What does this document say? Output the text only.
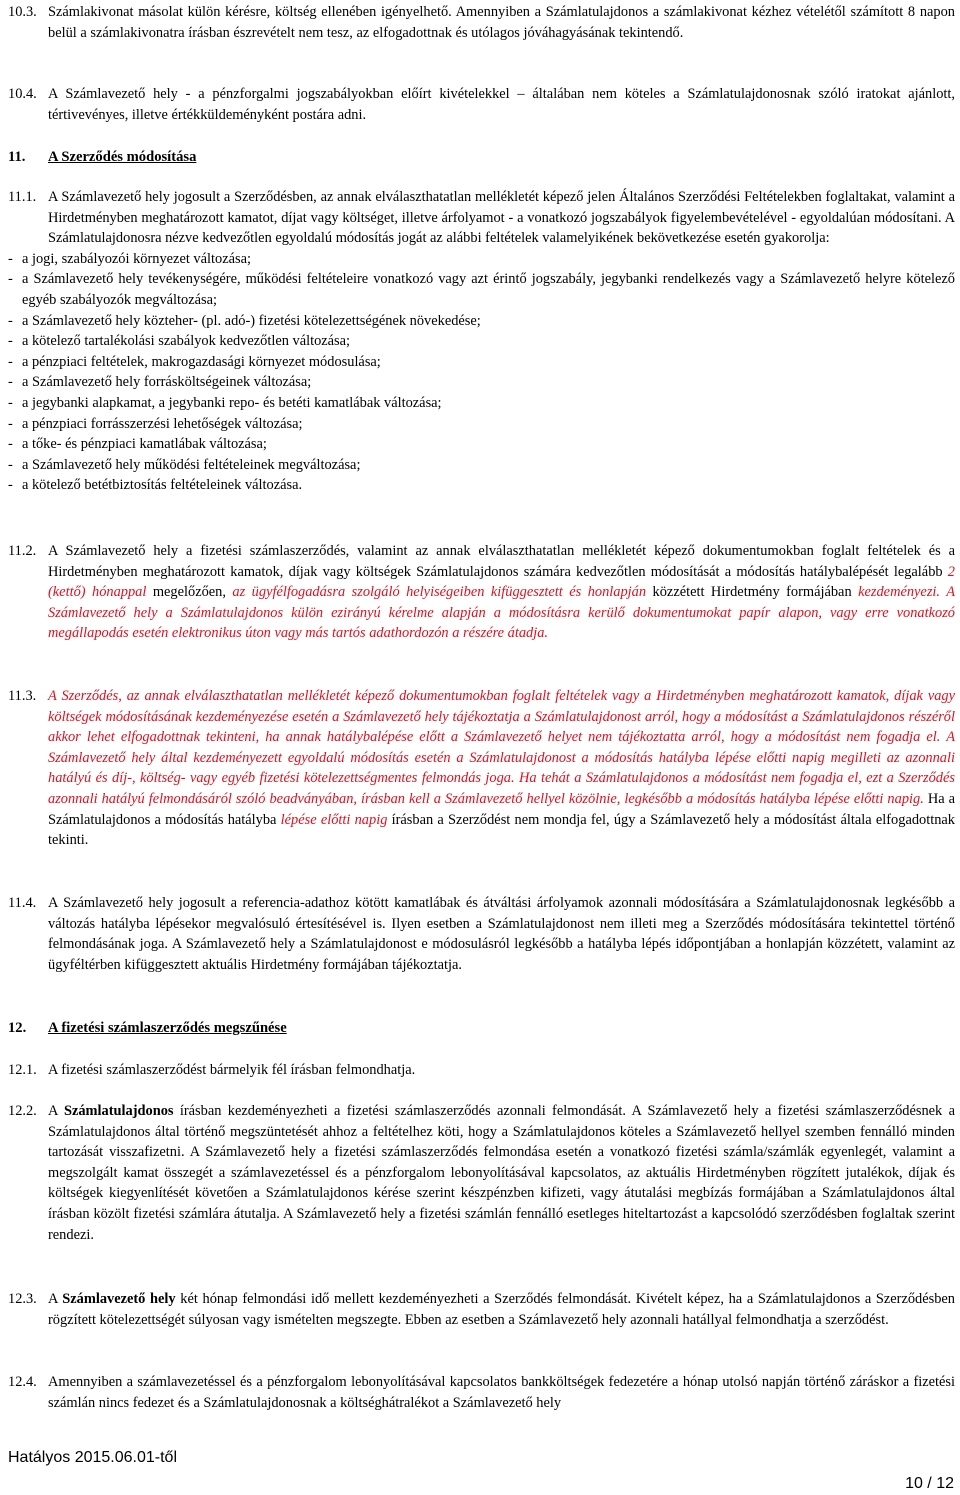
10.3. Számlakivonat másolat külön kérésre, költség ellenében igényelhető. Amennyiben a Számlatulajdonos a számlakivonat kézhez vételétől számított 8 napon belül a számlakivonatra írásban észrevételt nem tesz, az elfogadottnak és utólagos jóváhagyásának tekintendő.
10.4. A Számlavezető hely - a pénzforgalmi jogszabályokban előírt kivételekkel – általában nem köteles a Számlatulajdonosnak szóló iratokat ajánlott, tértivevényes, illetve értékküldeményként postára adni.
11.	A Szerződés módosítása
11.1. A Számlavezető hely jogosult a Szerződésben, az annak elválaszthatatlan mellékletét képező jelen Általános Szerződési Feltételekben foglaltakat, valamint a Hirdetményben meghatározott kamatot, díjat vagy költséget, illetve árfolyamot - a vonatkozó jogszabályok figyelembevételével - egyoldalúan módosítani. A Számlatulajdonosra nézve kedvezőtlen egyoldalú módosítás jogát az alábbi feltételek valamelyikének bekövetkezése esetén gyakorolja:
- a jogi, szabályozói környezet változása;
- a Számlavezető hely tevékenységére, működési feltételeire vonatkozó vagy azt érintő jogszabály, jegybanki rendelkezés vagy a Számlavezető helyre kötelező egyéb szabályozók megváltozása;
- a Számlavezető hely közteher- (pl. adó-) fizetési kötelezettségének növekedése;
- a kötelező tartalékolási szabályok kedvezőtlen változása;
- a pénzpiaci feltételek, makrogazdasági környezet módosulása;
- a Számlavezető hely forrásköltségeinek változása;
- a jegybanki alapkamat, a jegybanki repo- és betéti kamatlábak változása;
- a pénzpiaci forrásszerzési lehetőségek változása;
- a tőke- és pénzpiaci kamatlábak változása;
- a Számlavezető hely működési feltételeinek megváltozása;
- a kötelező betétbiztosítás feltételeinek változása.
11.2. A Számlavezető hely a fizetési számlaszerződés, valamint az annak elválaszthatatlan mellékletét képező dokumentumokban foglalt feltételek és a Hirdetményben meghatározott kamatok, díjak vagy költségek Számlatulajdonos számára kedvezőtlen módosítását a módosítás hatálybalépését legalább 2 (kettő) hónappal megelőzően, az ügyfélfogadásra szolgáló helyiségeiben kifüggesztett és honlapján közzétett Hirdetmény formájában kezdeményezi. A Számlavezető hely a Számlatulajdonos külön ezirányú kérelme alapján a módosításra kerülő dokumentumokat papír alapon, vagy erre vonatkozó megállapodás esetén elektronikus úton vagy más tartós adathordozón a részére átadja.
11.3. A Szerződés, az annak elválaszthatatlan mellékletét képező dokumentumokban foglalt feltételek vagy a Hirdetményben meghatározott kamatok, díjak vagy költségek módosításának kezdeményezése esetén a Számlavezető hely tájékoztatja a Számlatulajdonost arról, hogy a módosítást a Számlatulajdonos részéről akkor lehet elfogadottnak tekinteni, ha annak hatálybalépése előtt a Számlavezető helyet nem tájékoztatta arról, hogy a módosítást nem fogadja el. A Számlavezető hely által kezdeményezett egyoldalú módosítás esetén a Számlatulajdonost a módosítás hatályba lépése előtti napig megilleti az azonnali hatályú és díj-, költség- vagy egyéb fizetési kötelezettségmentes felmondás joga. Ha tehát a Számlatulajdonos a módosítást nem fogadja el, ezt a Szerződés azonnali hatályú felmondásáról szóló beadványában, írásban kell a Számlavezető hellyel közölnie, legkésőbb a módosítás hatályba lépése előtti napig. Ha a Számlatulajdonos a módosítás hatályba lépése előtti napig írásban a Szerződést nem mondja fel, úgy a Számlavezető hely a módosítást általa elfogadottnak tekinti.
11.4. A Számlavezető hely jogosult a referencia-adathoz kötött kamatlábak és átváltási árfolyamok azonnali módosítására a Számlatulajdonosnak legkésőbb a változás hatályba lépésekor megvalósuló értesítésével is. Ilyen esetben a Számlatulajdonost nem illeti meg a Szerződés módosítására tekintettel történő felmondásának joga. A Számlavezető hely a Számlatulajdonost e módosulásról legkésőbb a hatályba lépés időpontjában a honlapján közzétett, valamint az ügyféltérben kifüggesztett aktuális Hirdetmény formájában tájékoztatja.
12.	A fizetési számlaszerződés megszűnése
12.1. A fizetési számlaszerződést bármelyik fél írásban felmondhatja.
12.2. A Számlatulajdonos írásban kezdeményezheti a fizetési számlaszerződés azonnali felmondását. A Számlavezető hely a fizetési számlaszerződésnek a Számlatulajdonos által történő megszüntetését ahhoz a feltételhez köti, hogy a Számlatulajdonos köteles a Számlavezető hellyel szemben fennálló minden tartozását visszafizetni. A Számlavezető hely a fizetési számlaszerződés felmondása esetén a vonatkozó fizetési számla/számlák egyenlegét, valamint a megszolgált kamat összegét a számlavezetéssel és a pénzforgalom lebonyolításával kapcsolatos, az aktuális Hirdetményben rögzített jutalékok, díjak és költségek kiegyenlítését követően a Számlatulajdonos kérése szerint készpénzben kifizeti, vagy átutalási megbízás formájában a Számlatulajdonos által írásban közölt fizetési számlára átutalja. A Számlavezető hely a fizetési számlán fennálló esetleges hiteltartozást a kapcsolódó szerződésben foglaltak szerint rendezi.
12.3. A Számlavezető hely két hónap felmondási idő mellett kezdeményezheti a Szerződés felmondását. Kivételt képez, ha a Számlatulajdonos a Szerződésben rögzített kötelezettségét súlyosan vagy ismételten megszegte. Ebben az esetben a Számlavezető hely azonnali hatállyal felmondhatja a szerződést.
12.4. Amennyiben a számlavezetéssel és a pénzforgalom lebonyolításával kapcsolatos bankköltségek fedezetére a hónap utolsó napján történő záráskor a fizetési számlán nincs fedezet és a Számlatulajdonosnak a költséghátralékot a Számlavezető hely
Hatályos 2015.06.01-től
10 / 12
